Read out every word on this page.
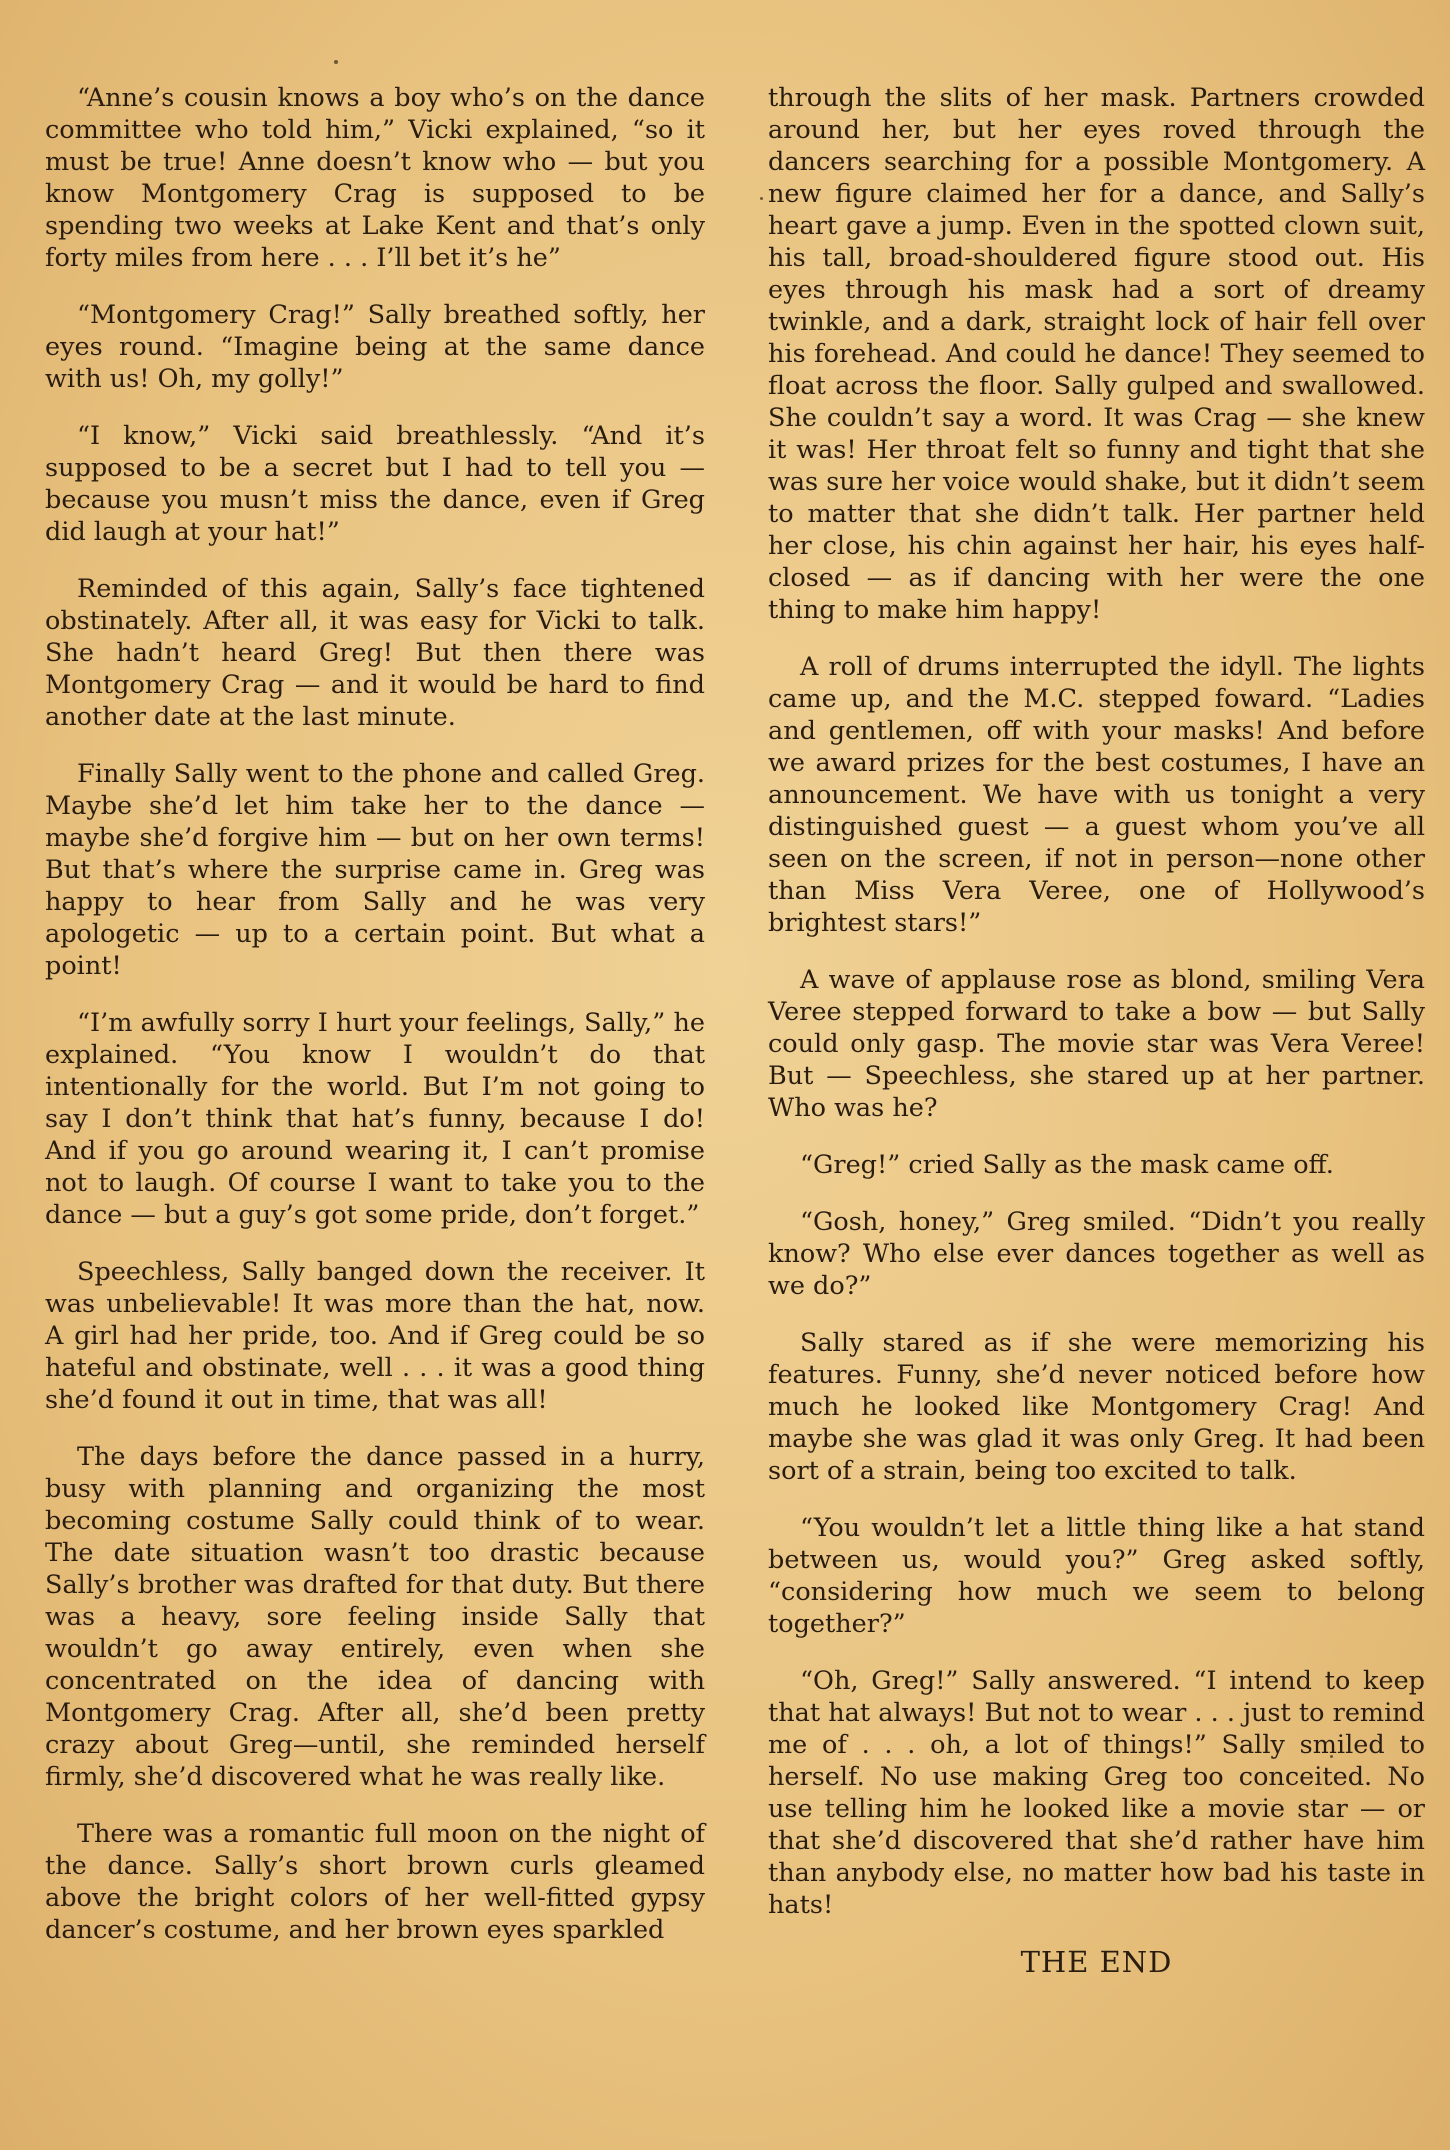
“Anne’s cousin knows a boy who’s on the dance committee who told him,” Vicki explained, “so it must be true! Anne doesn’t know who — but you know Montgomery Crag is supposed to be spending two weeks at Lake Kent and that’s only forty miles from here . . . I’ll bet it’s he”

“Montgomery Crag!” Sally breathed softly, her eyes round. “Imagine being at the same dance with us! Oh, my golly!”

“I know,” Vicki said breathlessly. “And it’s supposed to be a secret but I had to tell you — because you musn’t miss the dance, even if Greg did laugh at your hat!”

Reminded of this again, Sally’s face tightened obstinately. After all, it was easy for Vicki to talk. She hadn’t heard Greg! But then there was Montgomery Crag — and it would be hard to find another date at the last minute.

Finally Sally went to the phone and called Greg. Maybe she’d let him take her to the dance — maybe she’d forgive him — but on her own terms! But that’s where the surprise came in. Greg was happy to hear from Sally and he was very apologetic — up to a certain point. But what a point!

“I’m awfully sorry I hurt your feelings, Sally,” he explained. “You know I wouldn’t do that intentionally for the world. But I’m not going to say I don’t think that hat’s funny, because I do! And if you go around wearing it, I can’t promise not to laugh. Of course I want to take you to the dance — but a guy’s got some pride, don’t forget.”

Speechless, Sally banged down the receiver. It was unbelievable! It was more than the hat, now. A girl had her pride, too. And if Greg could be so hateful and obstinate, well . . . it was a good thing she’d found it out in time, that was all!

The days before the dance passed in a hurry, busy with planning and organizing the most becoming costume Sally could think of to wear. The date situation wasn’t too drastic because Sally’s brother was drafted for that duty. But there was a heavy, sore feeling inside Sally that wouldn’t go away entirely, even when she concentrated on the idea of dancing with Montgomery Crag. After all, she’d been pretty crazy about Greg—until, she reminded herself firmly, she’d discovered what he was really like.

There was a romantic full moon on the night of the dance. Sally’s short brown curls gleamed above the bright colors of her well-fitted gypsy dancer’s costume, and her brown eyes sparkled

through the slits of her mask. Partners crowded around her, but her eyes roved through the dancers searching for a possible Montgomery. A new figure claimed her for a dance, and Sally’s heart gave a jump. Even in the spotted clown suit, his tall, broad-shouldered figure stood out. His eyes through his mask had a sort of dreamy twinkle, and a dark, straight lock of hair fell over his forehead. And could he dance! They seemed to float across the floor. Sally gulped and swallowed. She couldn’t say a word. It was Crag — she knew it was! Her throat felt so funny and tight that she was sure her voice would shake, but it didn’t seem to matter that she didn’t talk. Her partner held her close, his chin against her hair, his eyes half-closed — as if dancing with her were the one thing to make him happy!

A roll of drums interrupted the idyll. The lights came up, and the M.C. stepped foward. “Ladies and gentlemen, off with your masks! And before we award prizes for the best costumes, I have an announcement. We have with us tonight a very distinguished guest — a guest whom you’ve all seen on the screen, if not in person—none other than Miss Vera Veree, one of Hollywood’s brightest stars!”

A wave of applause rose as blond, smiling Vera Veree stepped forward to take a bow — but Sally could only gasp. The movie star was Vera Veree! But — Speechless, she stared up at her partner. Who was he?

“Greg!” cried Sally as the mask came off.

“Gosh, honey,” Greg smiled. “Didn’t you really know? Who else ever dances together as well as we do?”

Sally stared as if she were memorizing his features. Funny, she’d never noticed before how much he looked like Montgomery Crag! And maybe she was glad it was only Greg. It had been sort of a strain, being too excited to talk.

“You wouldn’t let a little thing like a hat stand between us, would you?” Greg asked softly, “considering how much we seem to belong together?”

“Oh, Greg!” Sally answered. “I intend to keep that hat always! But not to wear . . . just to remind me of . . . oh, a lot of things!” Sally smiled to herself. No use making Greg too conceited. No use telling him he looked like a movie star — or that she’d discovered that she’d rather have him than anybody else, no matter how bad his taste in hats!

THE END
